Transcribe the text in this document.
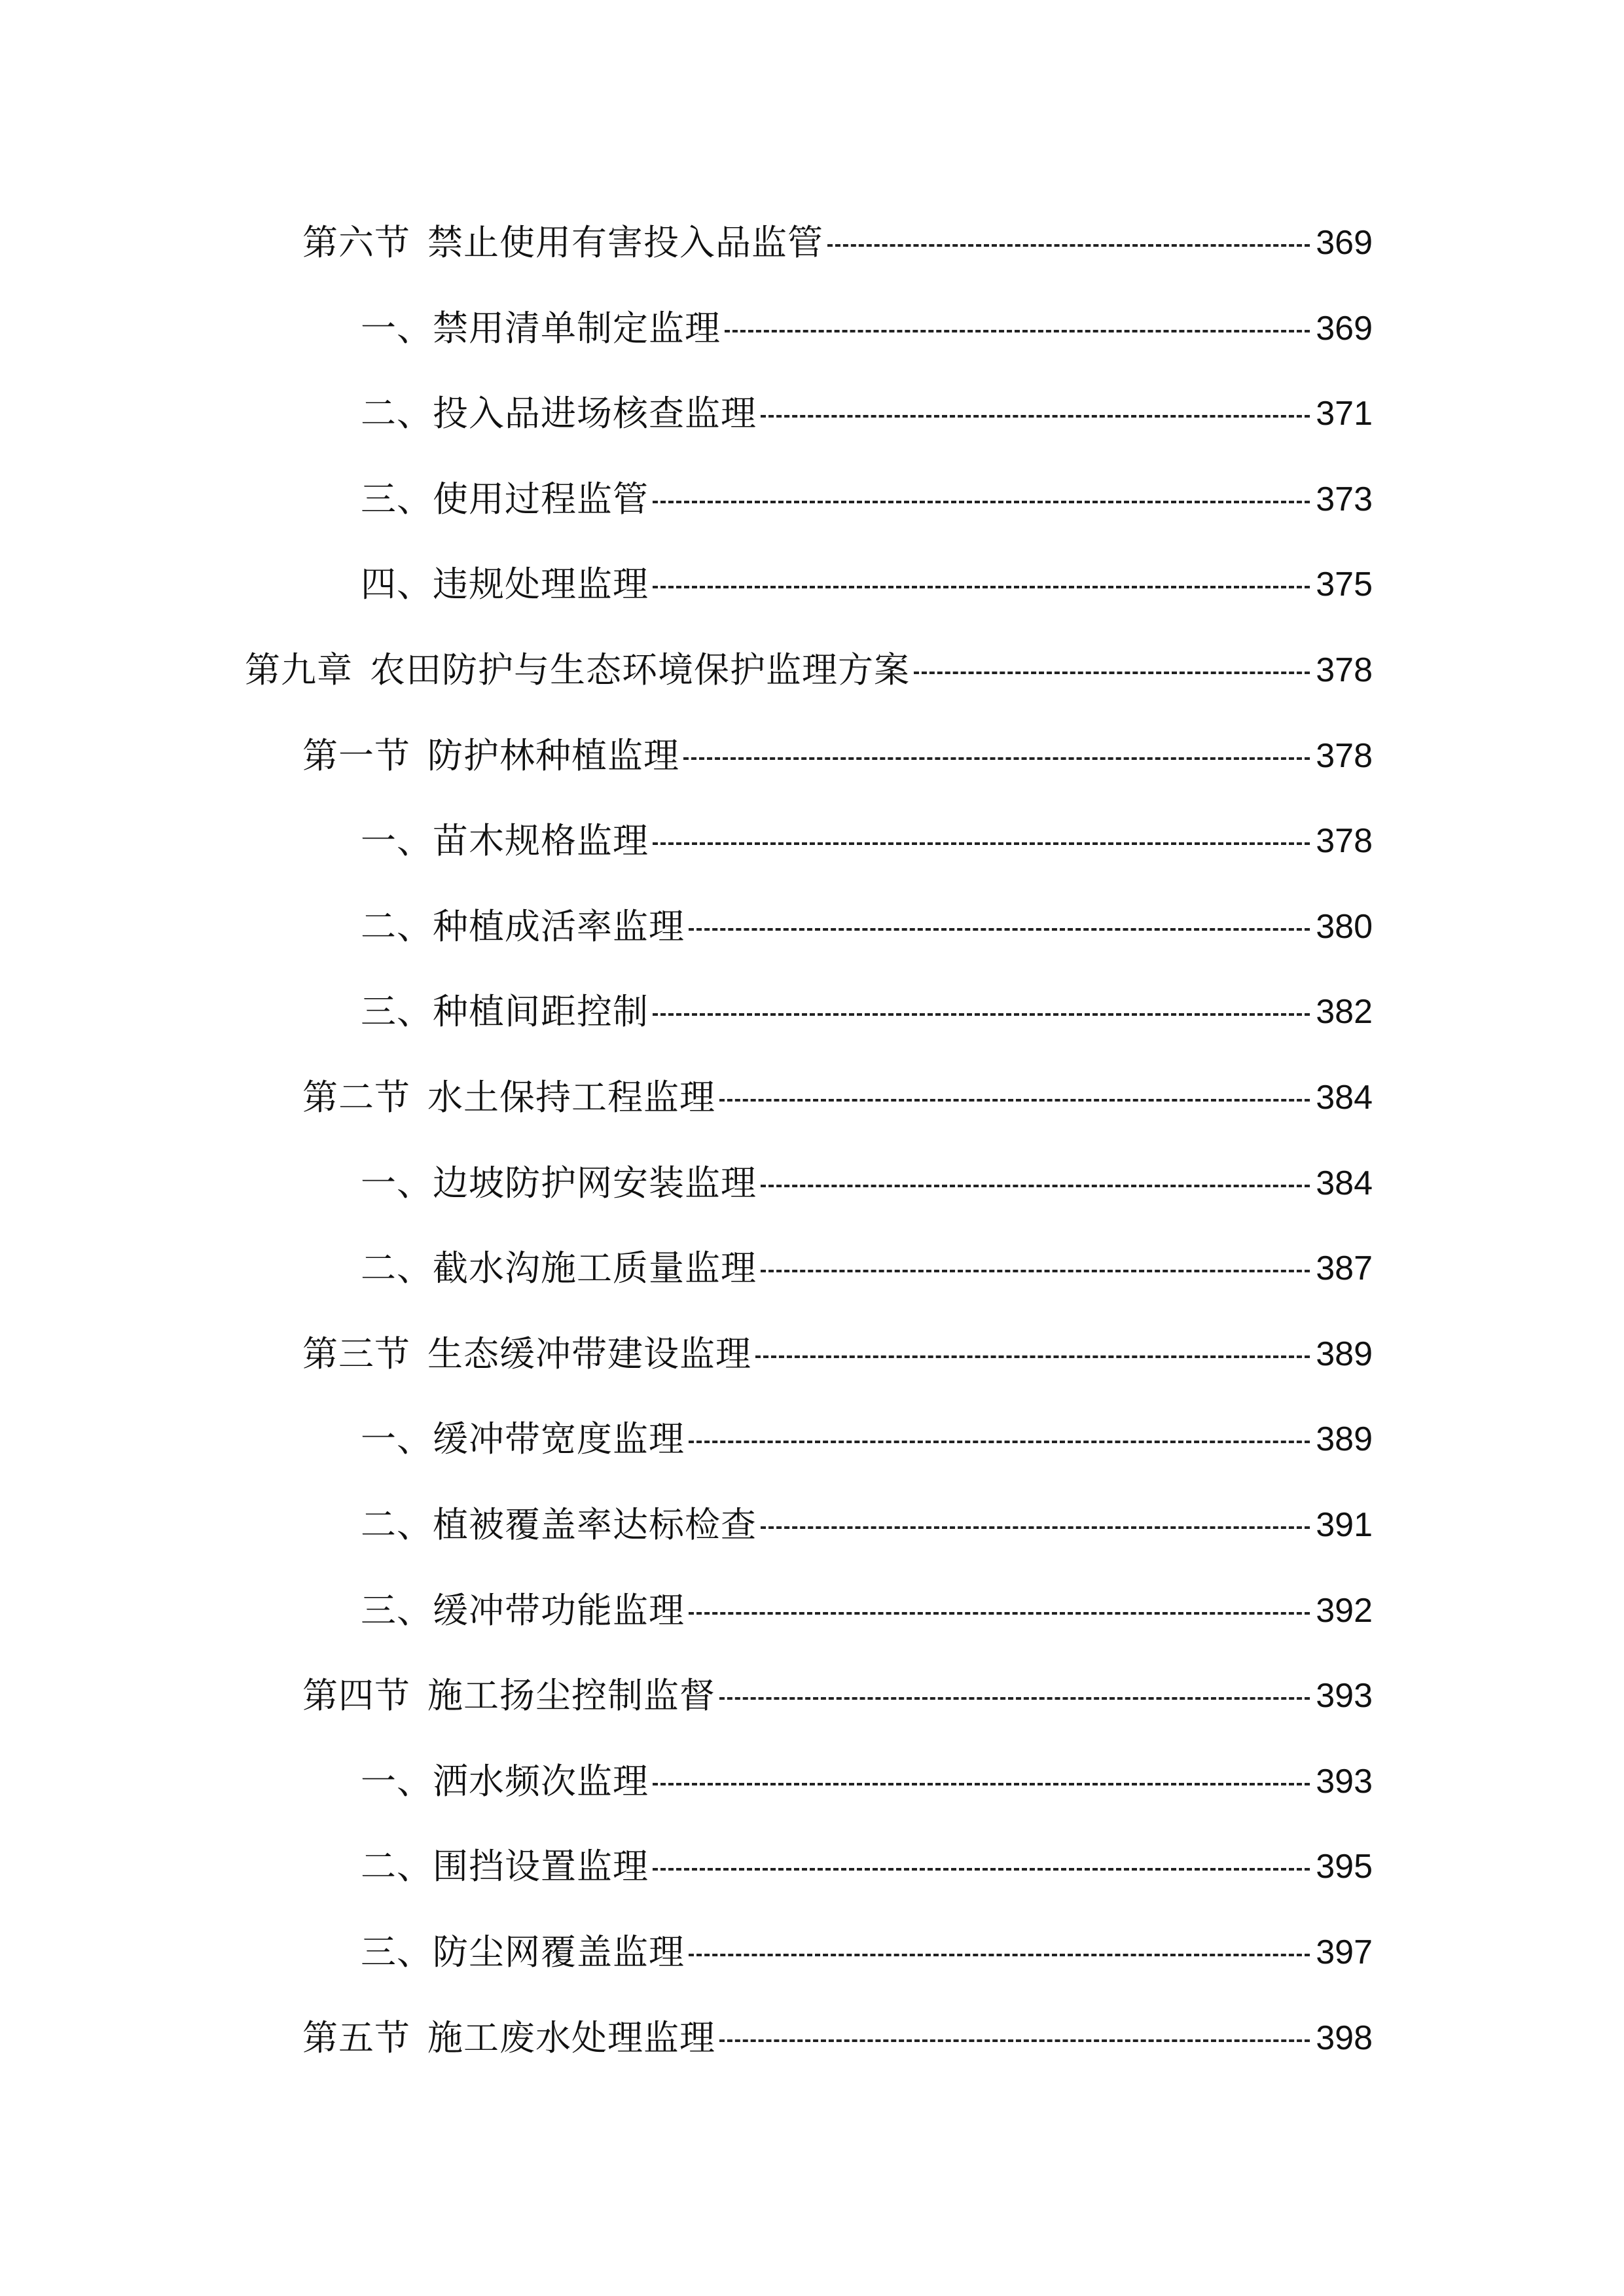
第六节 禁止使用有害投入品监管	369
一、禁用清单制定监理	369
二、投入品进场核查监理	371
三、使用过程监管	373
四、违规处理监理	375
第九章 农田防护与生态环境保护监理方案	378
第一节 防护林种植监理	378
一、苗木规格监理	378
二、种植成活率监理	380
三、种植间距控制	382
第二节 水土保持工程监理	384
一、边坡防护网安装监理	384
二、截水沟施工质量监理	387
第三节 生态缓冲带建设监理	389
一、缓冲带宽度监理	389
二、植被覆盖率达标检查	391
三、缓冲带功能监理	392
第四节 施工扬尘控制监督	393
一、洒水频次监理	393
二、围挡设置监理	395
三、防尘网覆盖监理	397
第五节 施工废水处理监理	398
